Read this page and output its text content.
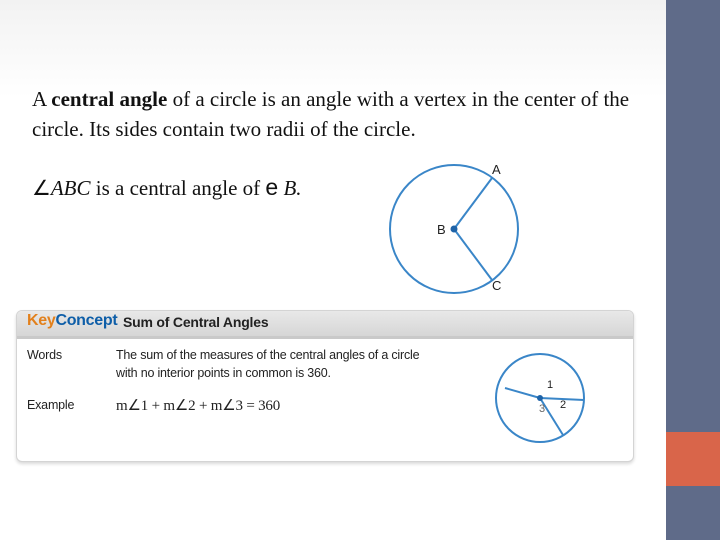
A central angle of a circle is an angle with a vertex in the center of the circle. Its sides contain two radii of the circle.
∠ABC is a central angle of e B.
A
B
C
KeyConcept Sum of Central Angles
Words	The sum of the measures of the central angles of a circle
with no interior points in common is 360.
Example	m∠1 + m∠2 + m∠3 = 360
1
2
3
